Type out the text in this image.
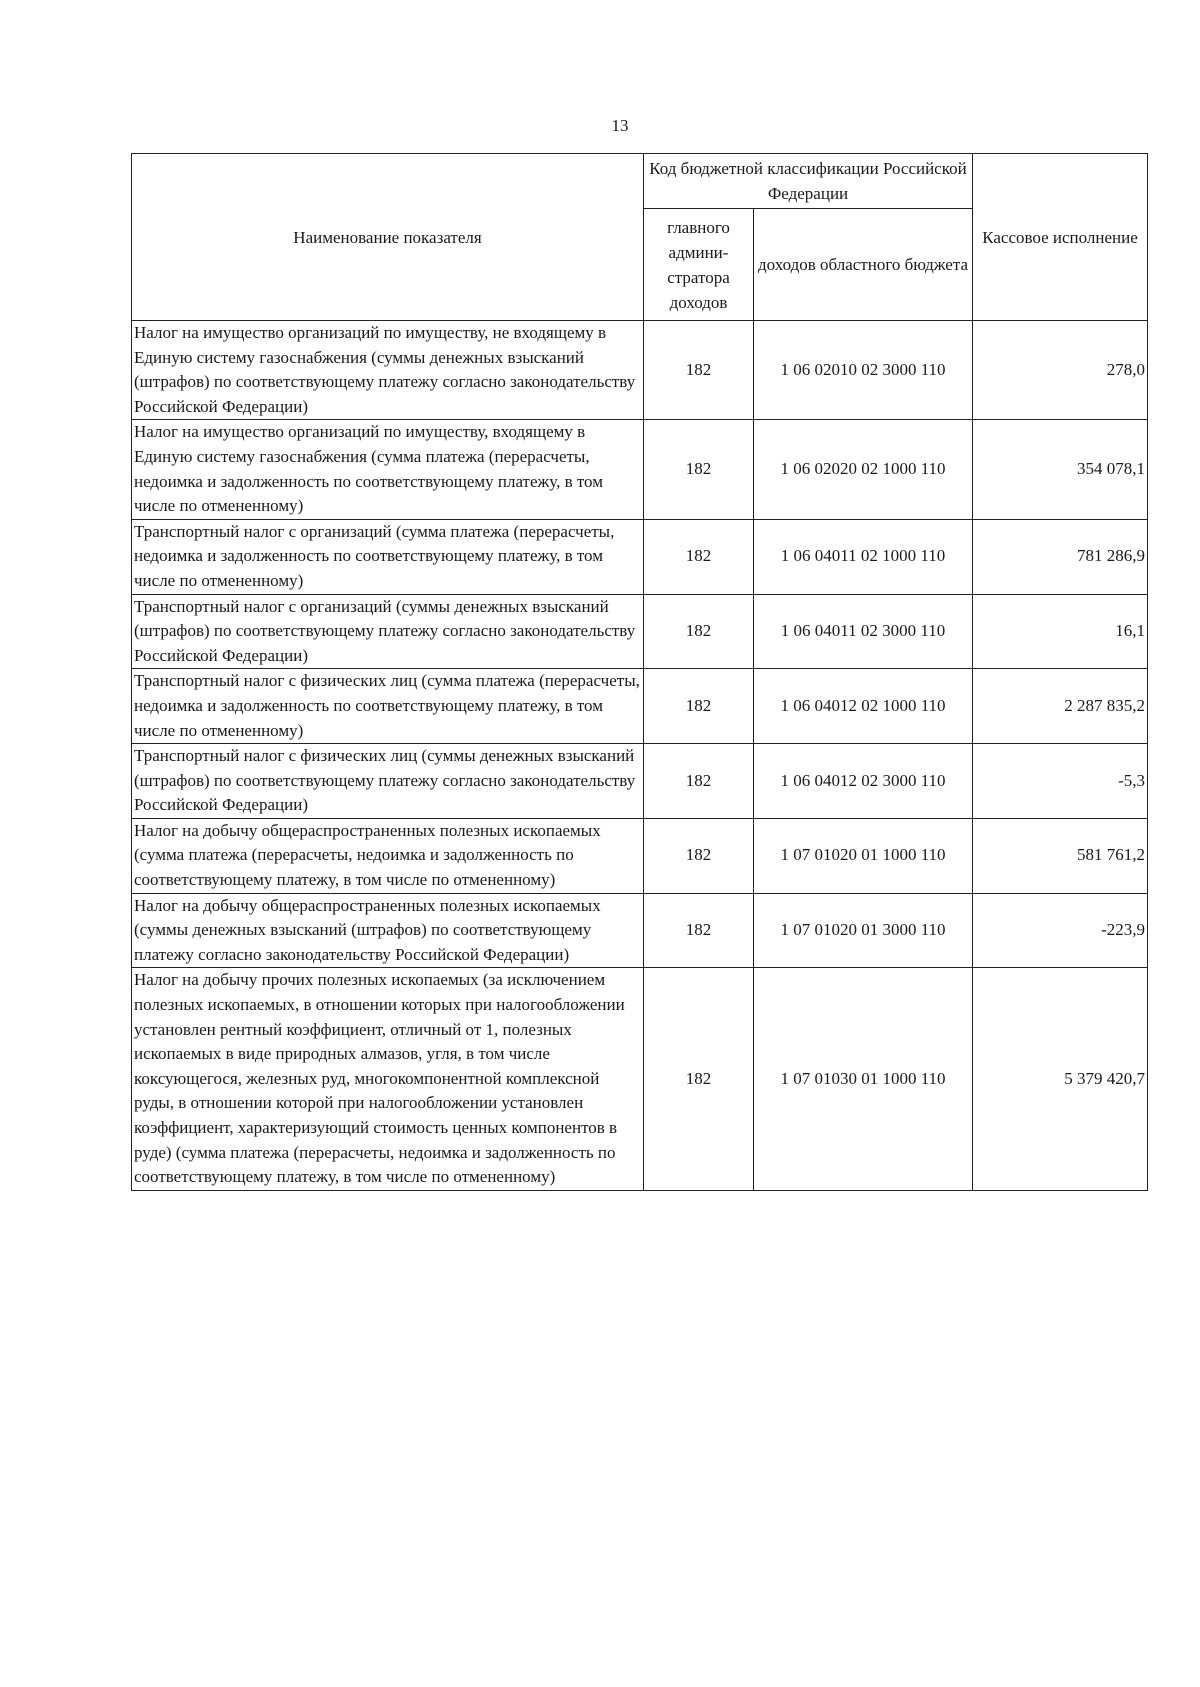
13
Наименование показателя	Код бюджетной классификации Российской Федерации		Кассовое исполнение
	главного админи-стратора доходов	доходов областного бюджета	
Налог на имущество организаций по имуществу, не входящему в Единую систему газоснабжения (суммы денежных взысканий (штрафов) по соответствующему платежу согласно законодательству Российской Федерации)	182	1 06 02010 02 3000 110	278,0
Налог на имущество организаций по имуществу, входящему в Единую систему газоснабжения (сумма платежа (перерасчеты, недоимка и задолженность по соответствующему платежу, в том числе по отмененному)	182	1 06 02020 02 1000 110	354 078,1
Транспортный налог с организаций (сумма платежа (перерасчеты, недоимка и задолженность по соответствующему платежу, в том числе по отмененному)	182	1 06 04011 02 1000 110	781 286,9
Транспортный налог с организаций (суммы денежных взысканий (штрафов) по соответствующему платежу согласно законодательству Российской Федерации)	182	1 06 04011 02 3000 110	16,1
Транспортный налог с физических лиц (сумма платежа (перерасчеты, недоимка и задолженность по соответствующему платежу, в том числе по отмененному)	182	1 06 04012 02 1000 110	2 287 835,2
Транспортный налог с физических лиц (суммы денежных взысканий (штрафов) по соответствующему платежу согласно законодательству Российской Федерации)	182	1 06 04012 02 3000 110	-5,3
Налог на добычу общераспространенных полезных ископаемых (сумма платежа (перерасчеты, недоимка и задолженность по соответствующему платежу, в том числе по отмененному)	182	1 07 01020 01 1000 110	581 761,2
Налог на добычу общераспространенных полезных ископаемых (суммы денежных взысканий (штрафов) по соответствующему платежу согласно законодательству Российской Федерации)	182	1 07 01020 01 3000 110	-223,9
Налог на добычу прочих полезных ископаемых (за исключением полезных ископаемых, в отношении которых при налогообложении установлен рентный коэффициент, отличный от 1, полезных ископаемых в виде природных алмазов, угля, в том числе коксующегося, железных руд, многокомпонентной комплексной руды, в отношении которой при налогообложении установлен коэффициент, характеризующий стоимость ценных компонентов в руде) (сумма платежа (перерасчеты, недоимка и задолженность по соответствующему платежу, в том числе по отмененному)	182	1 07 01030 01 1000 110	5 379 420,7
